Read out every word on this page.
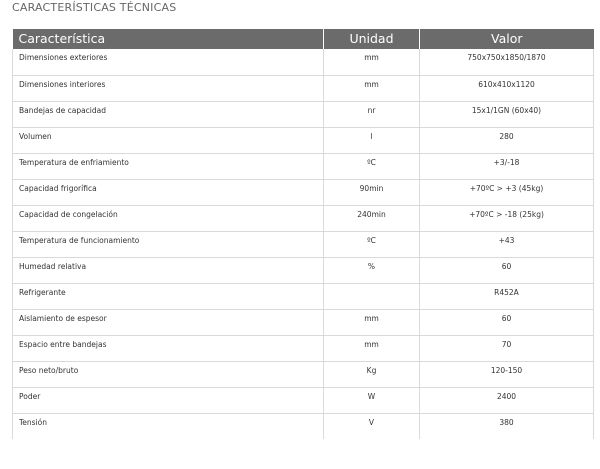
CARACTERÍSTICAS TÉCNICAS
Característica	Unidad	Valor
Dimensiones exteriores	mm	750x750x1850/1870
Dimensiones interiores	mm	610x410x1120
Bandejas de capacidad	nr	15x1/1GN (60x40)
Volumen	l	280
Temperatura de enfriamiento	ºC	+3/-18
Capacidad frigorífica	90min	+70ºC > +3 (45kg)
Capacidad de congelación	240min	+70ºC > -18 (25kg)
Temperatura de funcionamiento	ºC	+43
Humedad relativa	%	60
Refrigerante		R452A
Aislamiento de espesor	mm	60
Espacio entre bandejas	mm	70
Peso neto/bruto	Kg	120-150
Poder	W	2400
Tensión	V	380
